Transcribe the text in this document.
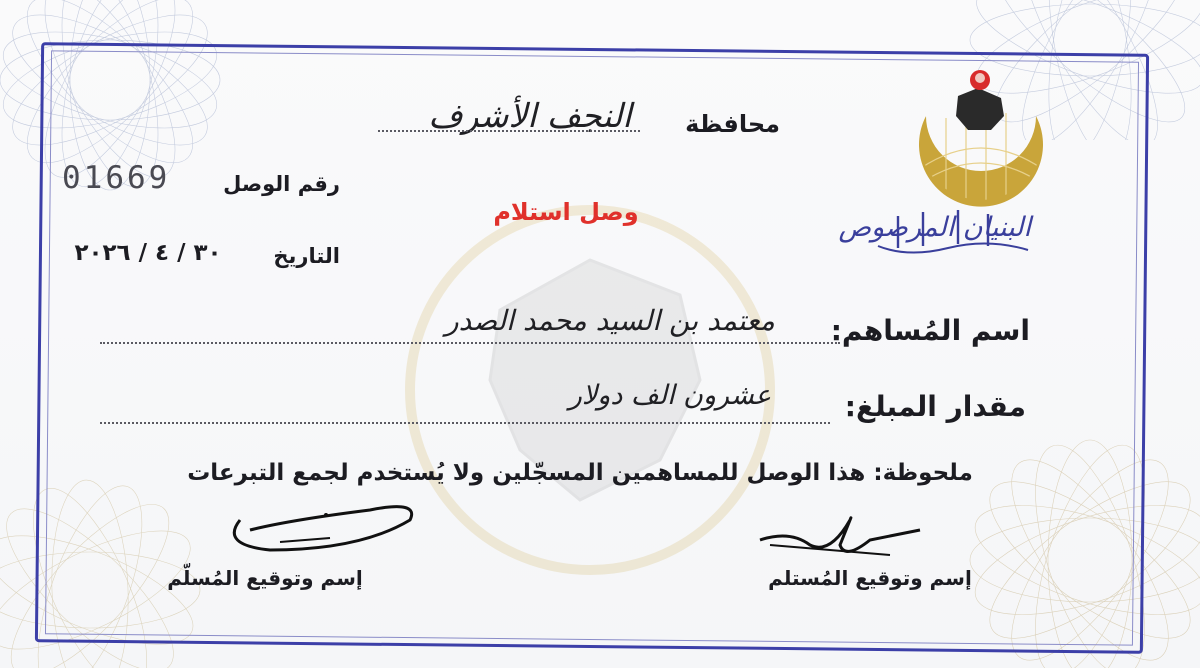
البنيان المرصوص
محافظة
النجف الأشرف
رقم الوصل
01669
وصل استلام
التاريخ
٣٠ / ٤ / ٢٠٢٦
اسم المُساهم:
معتمد بن السيد محمد الصدر
مقدار المبلغ:
عشرون الف دولار
ملحوظة: هذا الوصل للمساهمين المسجّلين ولا يُستخدم لجمع التبرعات
إسم وتوقيع المُسلّم	إسم وتوقيع المُستلم
